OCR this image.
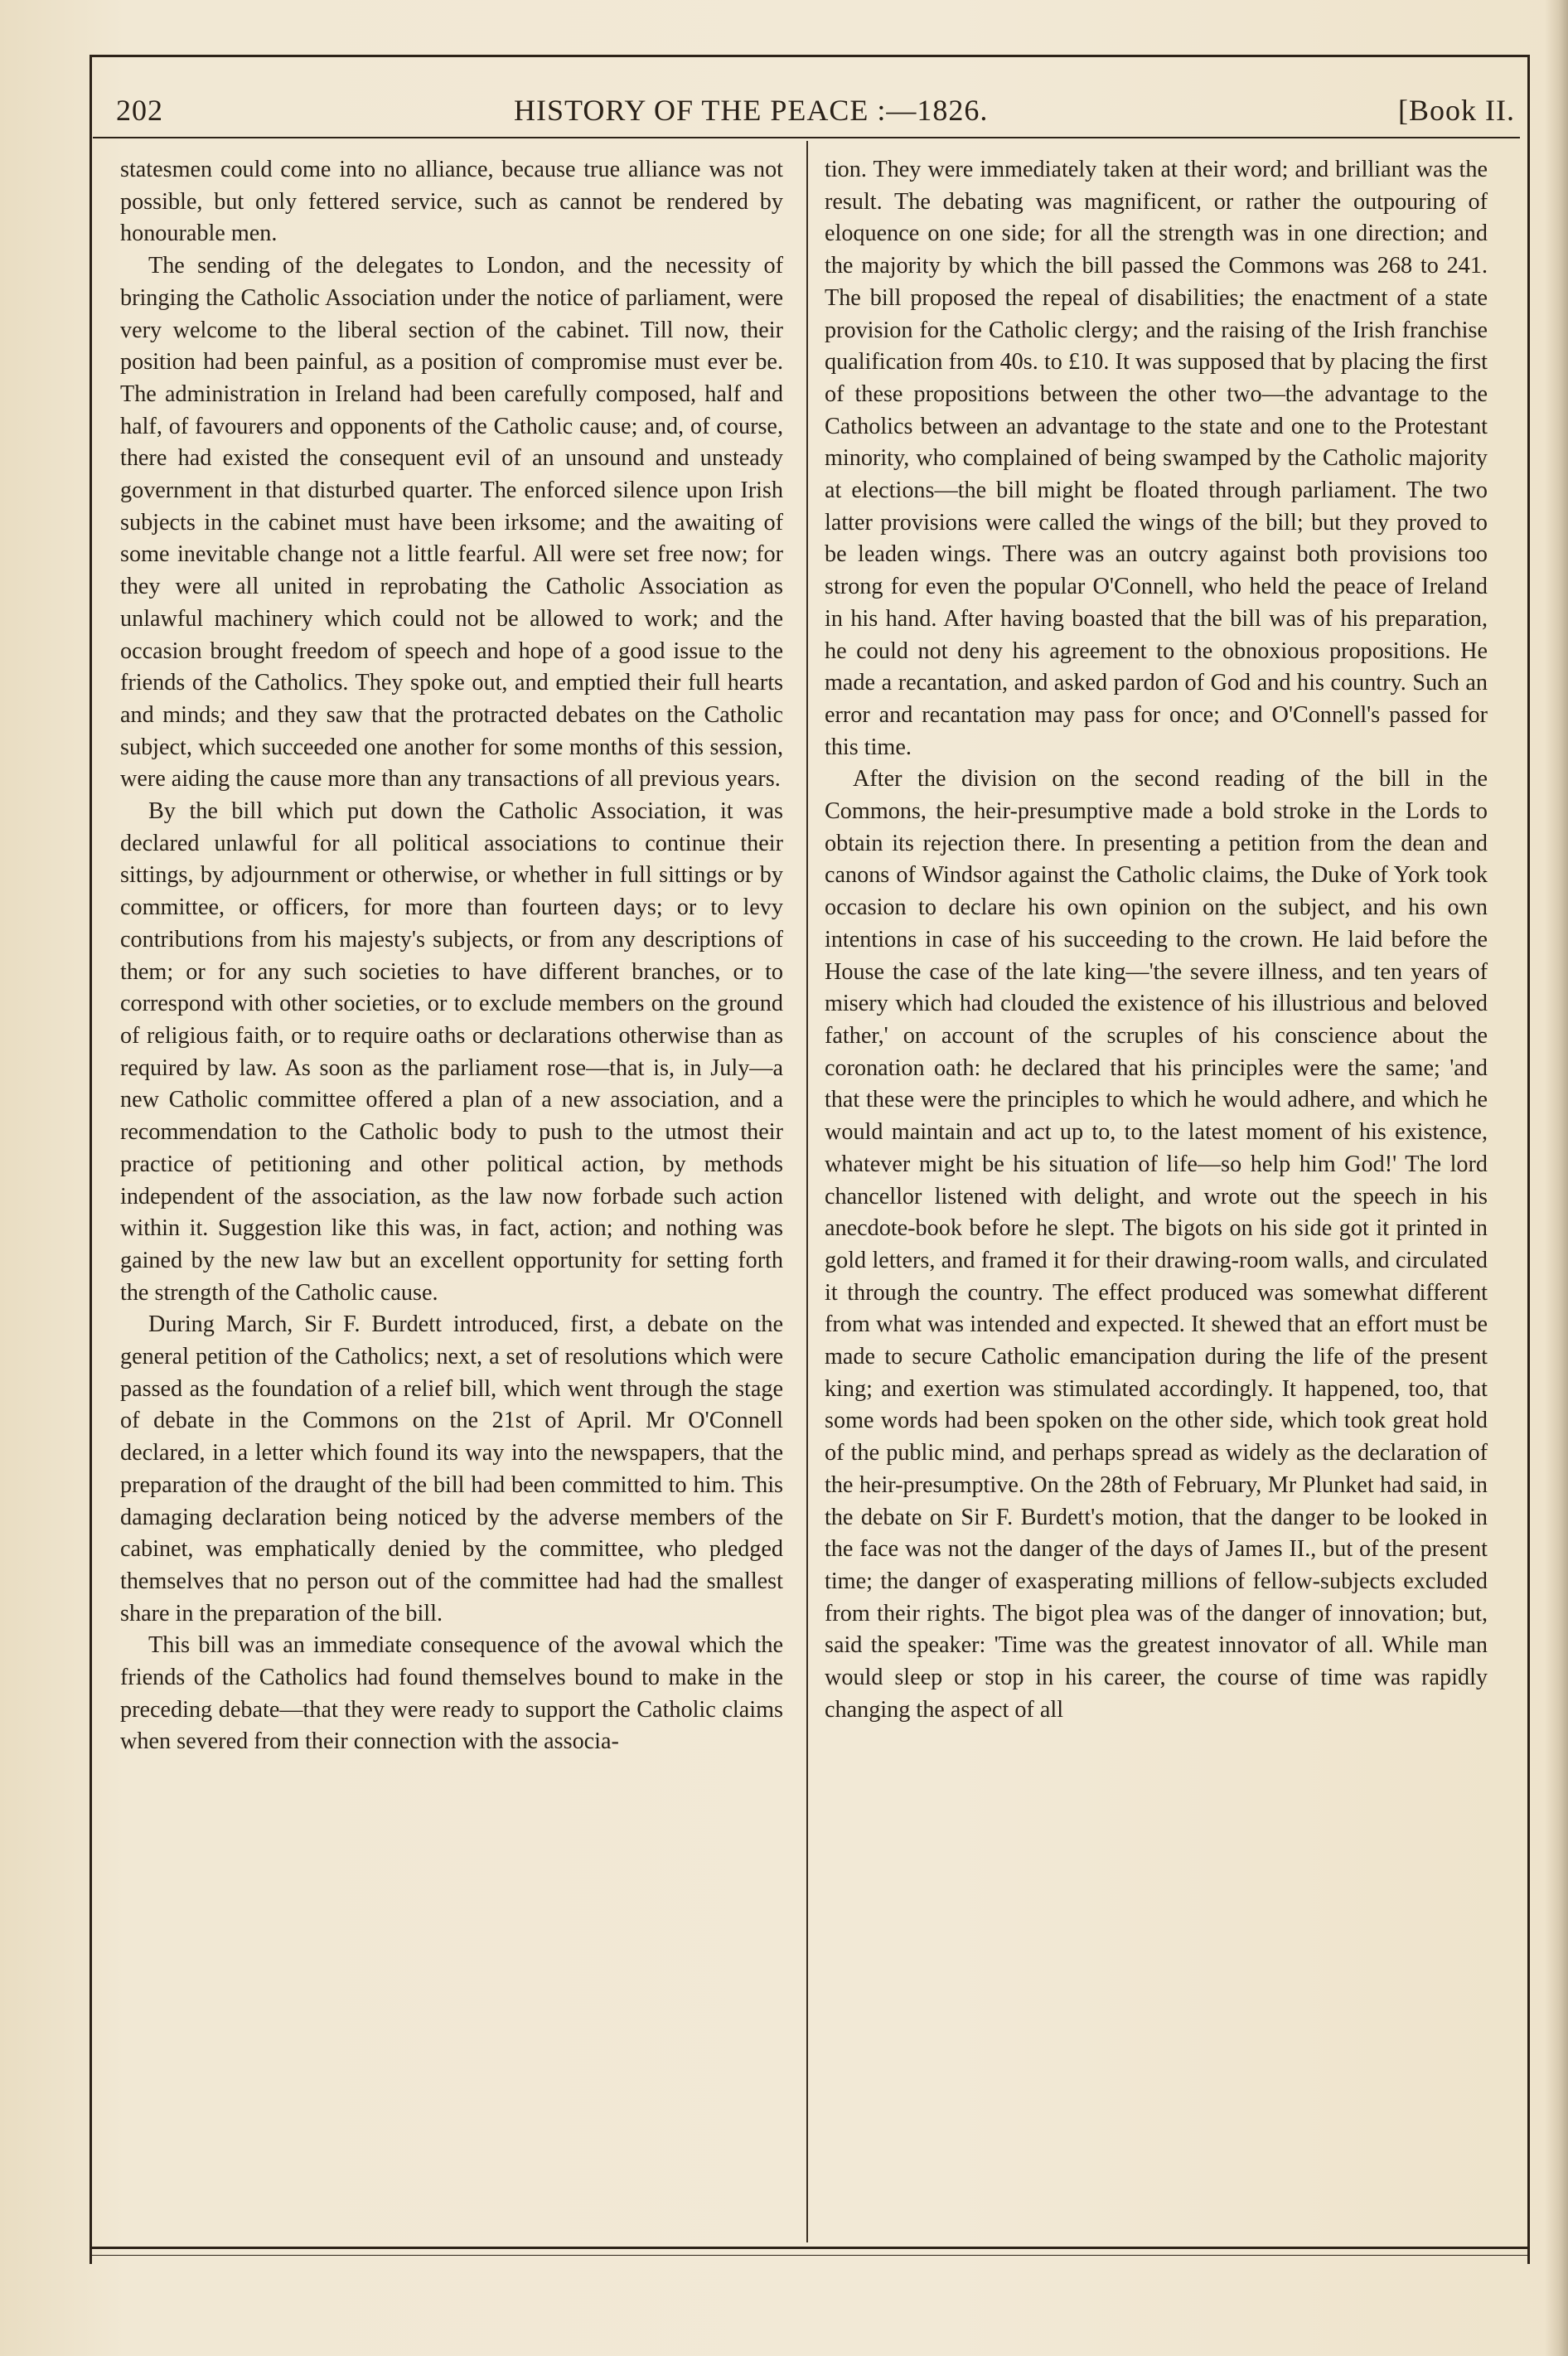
202	HISTORY OF THE PEACE :—1826.	[Book II.

statesmen could come into no alliance, because true alliance was not possible, but only fettered service, such as cannot be rendered by honourable men.

The sending of the delegates to London, and the necessity of bringing the Catholic Association under the notice of parliament, were very welcome to the liberal section of the cabinet. Till now, their position had been painful, as a position of compromise must ever be. The administration in Ireland had been carefully composed, half and half, of favourers and opponents of the Catholic cause; and, of course, there had existed the consequent evil of an unsound and unsteady government in that disturbed quarter. The enforced silence upon Irish subjects in the cabinet must have been irksome; and the awaiting of some inevitable change not a little fearful. All were set free now; for they were all united in reprobating the Catholic Association as unlawful machinery which could not be allowed to work; and the occasion brought freedom of speech and hope of a good issue to the friends of the Catholics. They spoke out, and emptied their full hearts and minds; and they saw that the protracted debates on the Catholic subject, which succeeded one another for some months of this session, were aiding the cause more than any transactions of all previous years.

By the bill which put down the Catholic Association, it was declared unlawful for all political associations to continue their sittings, by adjournment or otherwise, or whether in full sittings or by committee, or officers, for more than fourteen days; or to levy contributions from his majesty's subjects, or from any descriptions of them; or for any such societies to have different branches, or to correspond with other societies, or to exclude members on the ground of religious faith, or to require oaths or declarations otherwise than as required by law. As soon as the parliament rose—that is, in July—a new Catholic committee offered a plan of a new association, and a recommendation to the Catholic body to push to the utmost their practice of petitioning and other political action, by methods independent of the association, as the law now forbade such action within it. Suggestion like this was, in fact, action; and nothing was gained by the new law but an excellent opportunity for setting forth the strength of the Catholic cause.

During March, Sir F. Burdett introduced, first, a debate on the general petition of the Catholics; next, a set of resolutions which were passed as the foundation of a relief bill, which went through the stage of debate in the Commons on the 21st of April. Mr O'Connell declared, in a letter which found its way into the newspapers, that the preparation of the draught of the bill had been committed to him. This damaging declaration being noticed by the adverse members of the cabinet, was emphatically denied by the committee, who pledged themselves that no person out of the committee had had the smallest share in the preparation of the bill.

This bill was an immediate consequence of the avowal which the friends of the Catholics had found themselves bound to make in the preceding debate—that they were ready to support the Catholic claims when severed from their connection with the associa-

tion. They were immediately taken at their word; and brilliant was the result. The debating was magnificent, or rather the outpouring of eloquence on one side; for all the strength was in one direction; and the majority by which the bill passed the Commons was 268 to 241. The bill proposed the repeal of disabilities; the enactment of a state provision for the Catholic clergy; and the raising of the Irish franchise qualification from 40s. to £10. It was supposed that by placing the first of these propositions between the other two—the advantage to the Catholics between an advantage to the state and one to the Protestant minority, who complained of being swamped by the Catholic majority at elections—the bill might be floated through parliament. The two latter provisions were called the wings of the bill; but they proved to be leaden wings. There was an outcry against both provisions too strong for even the popular O'Connell, who held the peace of Ireland in his hand. After having boasted that the bill was of his preparation, he could not deny his agreement to the obnoxious propositions. He made a recantation, and asked pardon of God and his country. Such an error and recantation may pass for once; and O'Connell's passed for this time.

After the division on the second reading of the bill in the Commons, the heir-presumptive made a bold stroke in the Lords to obtain its rejection there. In presenting a petition from the dean and canons of Windsor against the Catholic claims, the Duke of York took occasion to declare his own opinion on the subject, and his own intentions in case of his succeeding to the crown. He laid before the House the case of the late king—'the severe illness, and ten years of misery which had clouded the existence of his illustrious and beloved father,' on account of the scruples of his conscience about the coronation oath: he declared that his principles were the same; 'and that these were the principles to which he would adhere, and which he would maintain and act up to, to the latest moment of his existence, whatever might be his situation of life—so help him God!' The lord chancellor listened with delight, and wrote out the speech in his anecdote-book before he slept. The bigots on his side got it printed in gold letters, and framed it for their drawing-room walls, and circulated it through the country. The effect produced was somewhat different from what was intended and expected. It shewed that an effort must be made to secure Catholic emancipation during the life of the present king; and exertion was stimulated accordingly. It happened, too, that some words had been spoken on the other side, which took great hold of the public mind, and perhaps spread as widely as the declaration of the heir-presumptive. On the 28th of February, Mr Plunket had said, in the debate on Sir F. Burdett's motion, that the danger to be looked in the face was not the danger of the days of James II., but of the present time; the danger of exasperating millions of fellow-subjects excluded from their rights. The bigot plea was of the danger of innovation; but, said the speaker: 'Time was the greatest innovator of all. While man would sleep or stop in his career, the course of time was rapidly changing the aspect of all
